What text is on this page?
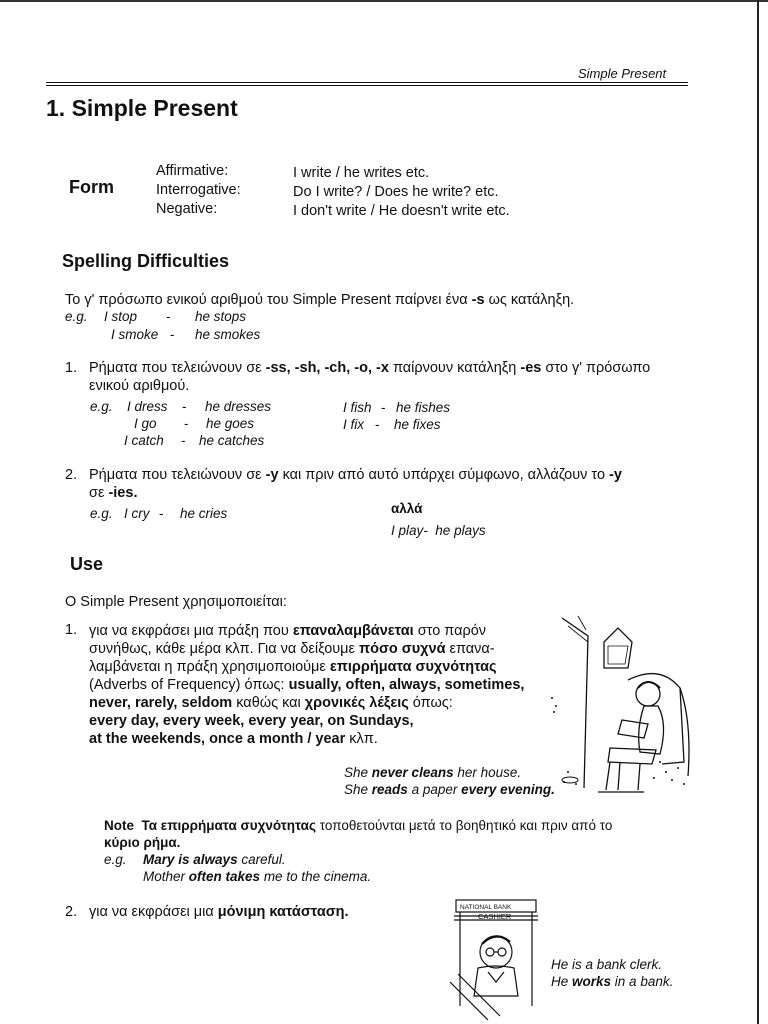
Simple Present
1. Simple Present
Form
Affirmative:
Interrogative:
Negative:
I write / he writes etc.
Do I write? / Does he write? etc.
I don't write / He doesn't write etc.
Spelling Difficulties
Το γ' πρόσωπο ενικού αριθμού του Simple Present παίρνει ένα -s ως κατάληξη.
e.g. I stop - he stops
I smoke - he smokes
1. Ρήματα που τελειώνουν σε -ss, -sh, -ch, -o, -x παίρνουν κατάληξη -es στο γ' πρόσωπο
ενικού αριθμού.
e.g. I dress - he dresses
I go - he goes
I catch - he catches
I fish - he fishes
I fix - he fixes
2. Ρήματα που τελειώνουν σε -y και πριν από αυτό υπάρχει σύμφωνο, αλλάζουν το -y
σε -ies.
e.g. I cry - he cries	αλλά
I play- he plays
Use
Ο Simple Present χρησιμοποιείται:
1. για να εκφράσει μια πράξη που επαναλαμβάνεται στο παρόν
συνήθως, κάθε μέρα κλπ. Για να δείξουμε πόσο συχνά επανα-
λαμβάνεται η πράξη χρησιμοποιούμε επιρρήματα συχνότητας
(Adverbs of Frequency) όπως: usually, often, always, sometimes,
never, rarely, seldom καθώς και χρονικές λέξεις όπως:
every day, every week, every year, on Sundays,
at the weekends, once a month / year κλπ.
She never cleans her house.
She reads a paper every evening.
Note Τα επιρρήματα συχνότητας τοποθετούνται μετά το βοηθητικό και πριν από το
κύριο ρήμα.
e.g. Mary is always careful.
Mother often takes me to the cinema.
2. για να εκφράσει μια μόνιμη κατάσταση.	NATIONAL BANK
CASHIER
He is a bank clerk.
He works in a bank.
